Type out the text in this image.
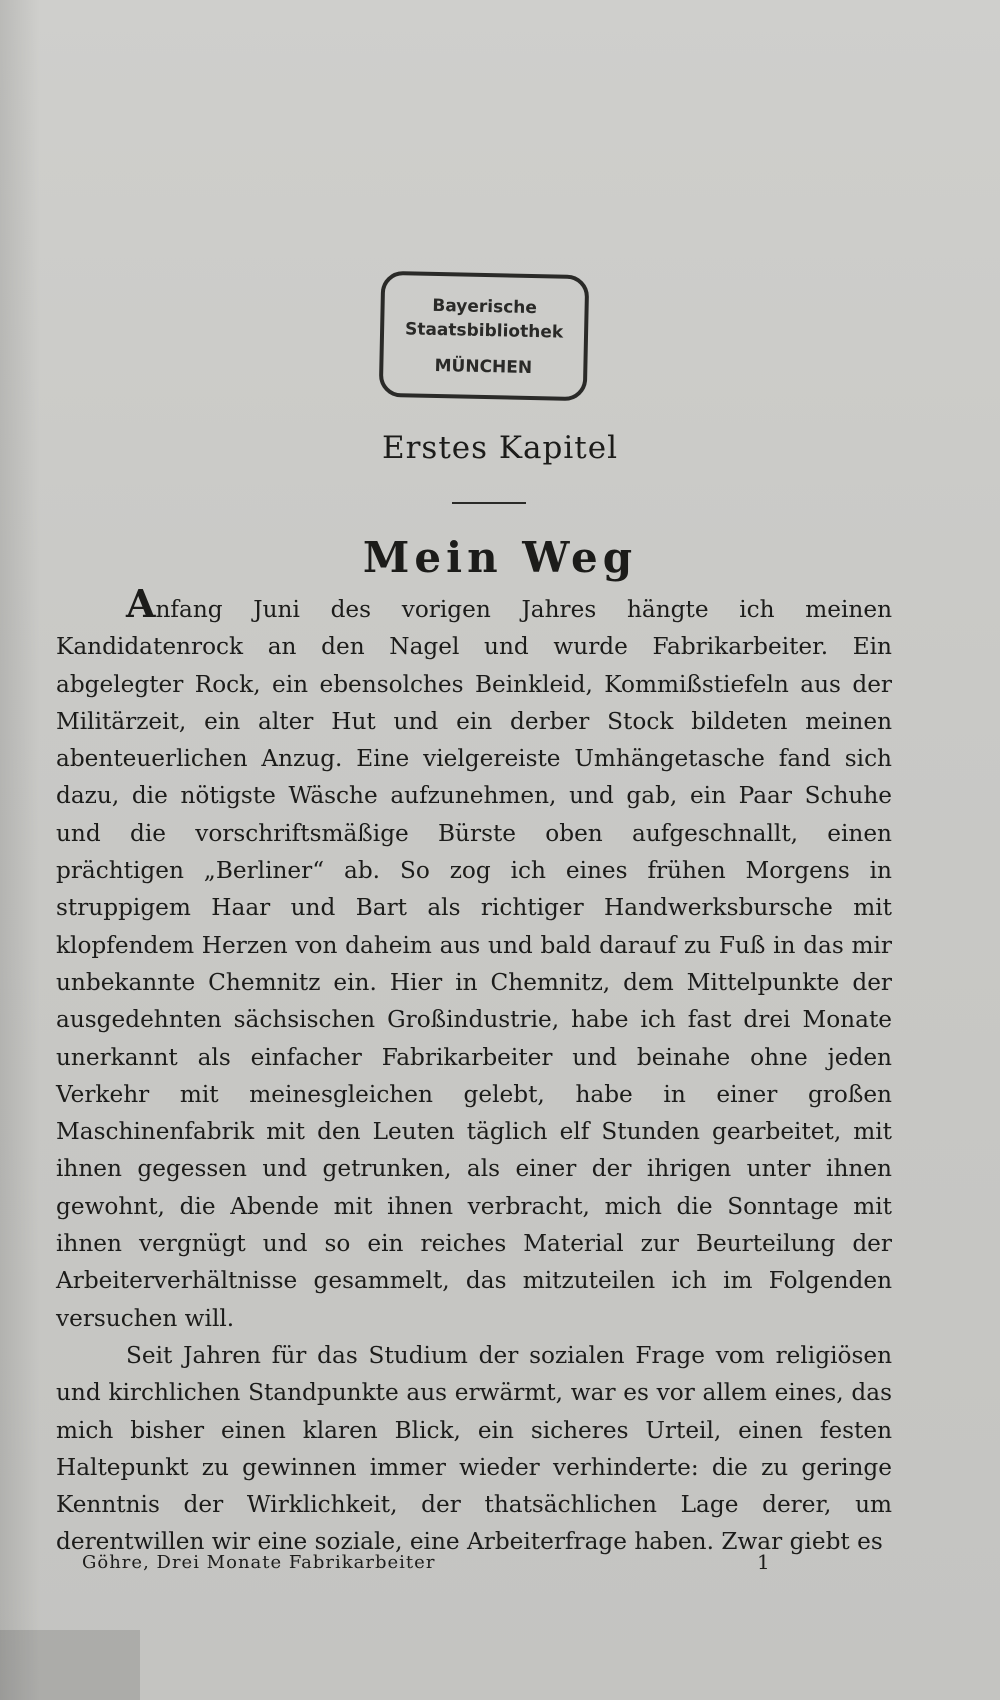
Bayerische
Staatsbibliothek
MÜNCHEN
Erstes Kapitel
Mein Weg

Anfang Juni des vorigen Jahres hängte ich meinen Kandidatenrock an den Nagel und wurde Fabrikarbeiter. Ein abgelegter Rock, ein ebensolches Beinkleid, Kommißstiefeln aus der Militärzeit, ein alter Hut und ein derber Stock bildeten meinen abenteuerlichen Anzug. Eine vielgereiste Umhängetasche fand sich dazu, die nötigste Wäsche aufzunehmen, und gab, ein Paar Schuhe und die vorschriftsmäßige Bürste oben aufgeschnallt, einen prächtigen „Berliner“ ab. So zog ich eines frühen Morgens in struppigem Haar und Bart als richtiger Handwerksbursche mit klopfendem Herzen von daheim aus und bald darauf zu Fuß in das mir unbekannte Chemnitz ein. Hier in Chemnitz, dem Mittelpunkte der ausgedehnten sächsischen Großindustrie, habe ich fast drei Monate unerkannt als einfacher Fabrikarbeiter und beinahe ohne jeden Verkehr mit meinesgleichen gelebt, habe in einer großen Maschinenfabrik mit den Leuten täglich elf Stunden gearbeitet, mit ihnen gegessen und getrunken, als einer der ihrigen unter ihnen gewohnt, die Abende mit ihnen verbracht, mich die Sonntage mit ihnen vergnügt und so ein reiches Material zur Beurteilung der Arbeiterverhältnisse gesammelt, das mitzuteilen ich im Folgenden versuchen will.

Seit Jahren für das Studium der sozialen Frage vom religiösen und kirchlichen Standpunkte aus erwärmt, war es vor allem eines, das mich bisher einen klaren Blick, ein sicheres Urteil, einen festen Haltepunkt zu gewinnen immer wieder verhinderte: die zu geringe Kenntnis der Wirklichkeit, der thatsächlichen Lage derer, um derentwillen wir eine soziale, eine Arbeiterfrage haben. Zwar giebt es

Göhre, Drei Monate Fabrikarbeiter	1
